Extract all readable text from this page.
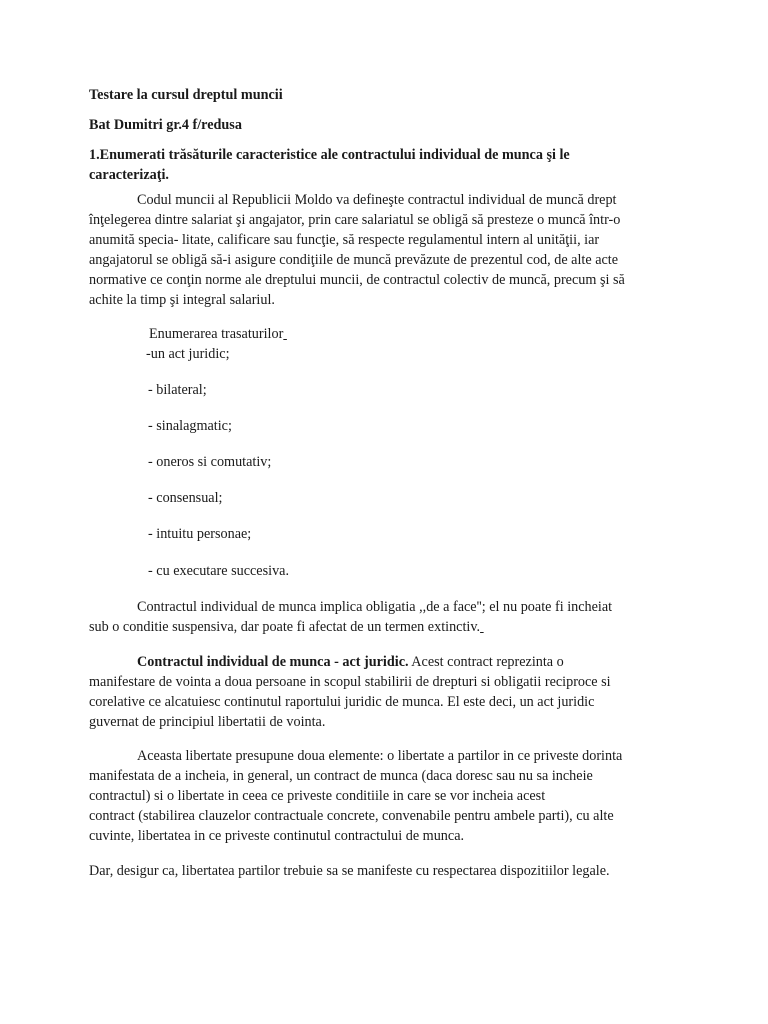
Testare la cursul dreptul muncii

Bat Dumitri gr.4 f/redusa

1.Enumerati trăsăturile caracteristice ale contractului individual de munca şi le

caracterizaţi.

Codul muncii al Republicii Moldo va defineşte contractul individual de muncă drept

înţelegerea dintre salariat şi angajator, prin care salariatul se obligă să presteze o muncă într-o

anumită specia- litate, calificare sau funcţie, să respecte regulamentul intern al unităţii, iar

angajatorul se obligă să-i asigure condiţiile de muncă prevăzute de prezentul cod, de alte acte

normative ce conţin norme ale dreptului muncii, de contractul colectiv de muncă, precum şi să

achite la timp şi integral salariul.

Enumerarea trasaturilor

-un act juridic;

- bilateral;

- sinalagmatic;

- oneros si comutativ;

- consensual;

- intuitu personae;

- cu executare succesiva.

Contractul individual de munca implica obligatia ,,de a face''; el nu poate fi incheiat

sub o conditie suspensiva, dar poate fi afectat de un termen extinctiv.

Contractul individual de munca - act juridic. Acest contract reprezinta o

manifestare de vointa a doua persoane in scopul stabilirii de drepturi si obligatii reciproce si

corelative ce alcatuiesc continutul raportului juridic de munca. El este deci, un act juridic

guvernat de principiul libertatii de vointa.

Aceasta libertate presupune doua elemente: o libertate a partilor in ce priveste dorinta

manifestata de a incheia, in general, un contract de munca (daca doresc sau nu sa incheie

contractul) si o libertate in ceea ce priveste conditiile in care se vor incheia acest

contract (stabilirea clauzelor contractuale concrete, convenabile pentru ambele parti), cu alte

cuvinte, libertatea in ce priveste continutul contractului de munca.

Dar, desigur ca, libertatea partilor trebuie sa se manifeste cu respectarea dispozitiilor legale.
